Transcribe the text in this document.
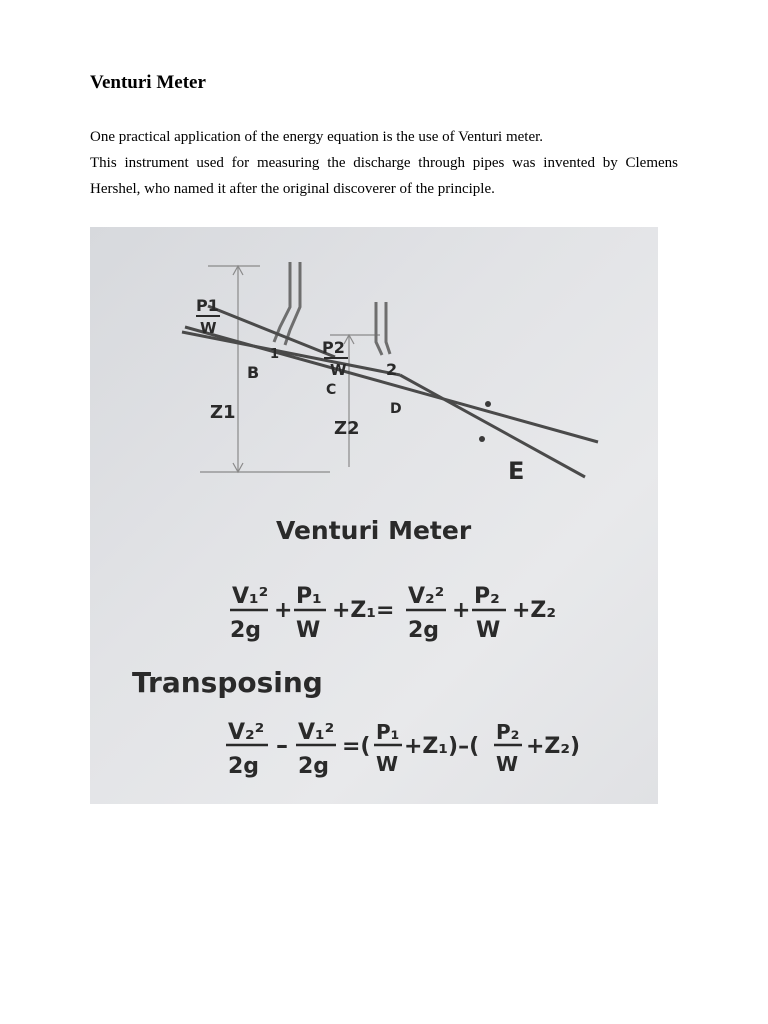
Venturi Meter

One practical application of the energy equation is the use of Venturi meter.

This instrument used for measuring the discharge through pipes was invented by Clemens Hershel, who named it after the original discoverer of the principle.

P1
W
1
B
P2
W
C
2
D
Z1
Z2
E
Venturi Meter
V₁²
2g
+
P₁
W
+Z₁=
V₂²
2g
+
P₂
W
+Z₂
Transposing
V₂²
2g
– V₁²
2g
=(
P₁
W
+Z₁)–(
P₂
W
+Z₂)
